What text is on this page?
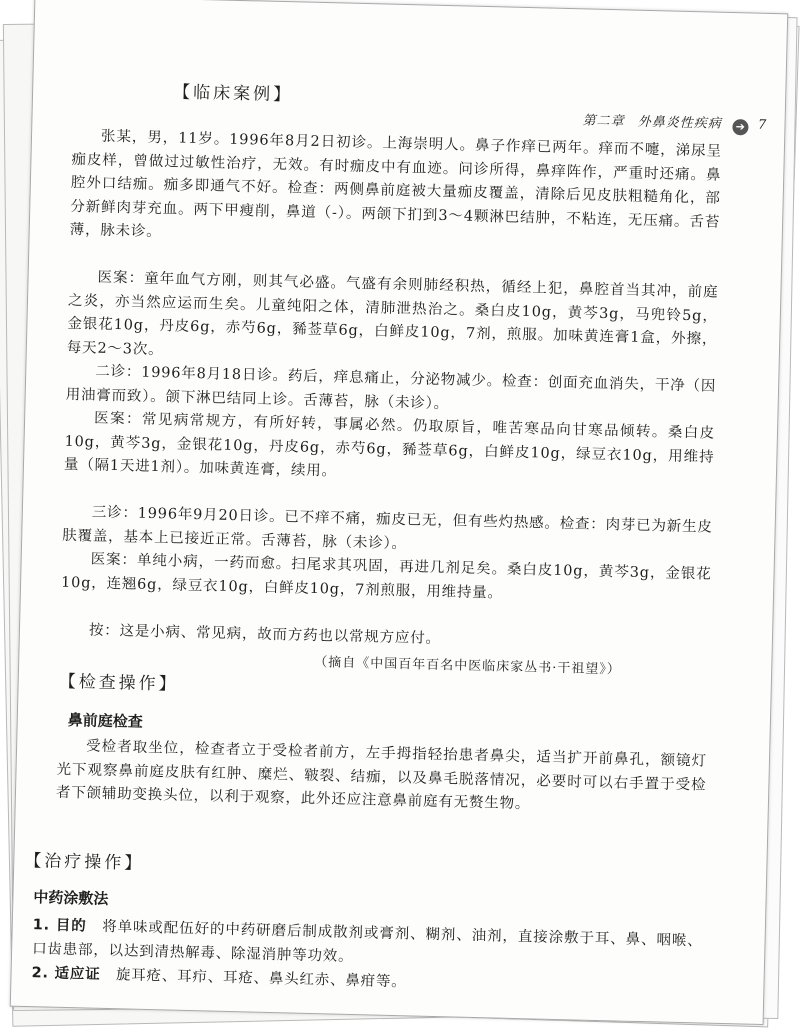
第二章 外鼻炎性疾病 ➔ 7
【临床案例】

张某，男，11岁。1996年8月2日初诊。上海崇明人。鼻子作痒已两年。痒而不嚏，涕尿呈痂皮样，曾做过过敏性治疗，无效。有时痂皮中有血迹。问诊所得，鼻痒阵作，严重时还痛。鼻腔外口结痂。痂多即通气不好。检查：两侧鼻前庭被大量痂皮覆盖，清除后见皮肤粗糙角化，部分新鲜肉芽充血。两下甲瘦削，鼻道（-）。两颌下扪到3～4颗淋巴结肿，不粘连，无压痛。舌苔薄，脉未诊。

医案：童年血气方刚，则其气必盛。气盛有余则肺经积热，循经上犯，鼻腔首当其冲，前庭之炎，亦当然应运而生矣。儿童纯阳之体，清肺泄热治之。桑白皮10g，黄芩3g，马兜铃5g，金银花10g，丹皮6g，赤芍6g，豨莶草6g，白鲜皮10g，7剂，煎服。加味黄连膏1盒，外擦，每天2～3次。

二诊：1996年8月18日诊。药后，痒息痛止，分泌物减少。检查：创面充血消失，干净（因用油膏而致）。颌下淋巴结同上诊。舌薄苔，脉（未诊）。

医案：常见病常规方，有所好转，事属必然。仍取原旨，唯苦寒品向甘寒品倾转。桑白皮10g，黄芩3g，金银花10g，丹皮6g，赤芍6g，豨莶草6g，白鲜皮10g，绿豆衣10g，用维持量（隔1天进1剂）。加味黄连膏，续用。

三诊：1996年9月20日诊。已不痒不痛，痂皮已无，但有些灼热感。检查：肉芽已为新生皮肤覆盖，基本上已接近正常。舌薄苔，脉（未诊）。

医案：单纯小病，一药而愈。扫尾求其巩固，再进几剂足矣。桑白皮10g，黄芩3g，金银花10g，连翘6g，绿豆衣10g，白鲜皮10g，7剂煎服，用维持量。

按：这是小病、常见病，故而方药也以常规方应付。

（摘自《中国百年百名中医临床家丛书·干祖望》）
【检查操作】
鼻前庭检查

受检者取坐位，检查者立于受检者前方，左手拇指轻抬患者鼻尖，适当扩开前鼻孔，额镜灯光下观察鼻前庭皮肤有红肿、糜烂、皲裂、结痂，以及鼻毛脱落情况，必要时可以右手置于受检者下颌辅助变换头位，以利于观察，此外还应注意鼻前庭有无赘生物。

【治疗操作】
中药涂敷法

1. 目的 将单味或配伍好的中药研磨后制成散剂或膏剂、糊剂、油剂，直接涂敷于耳、鼻、咽喉、口齿患部，以达到清热解毒、除湿消肿等功效。

2. 适应证 旋耳疮、耳疖、耳疮、鼻头红赤、鼻疳等。
